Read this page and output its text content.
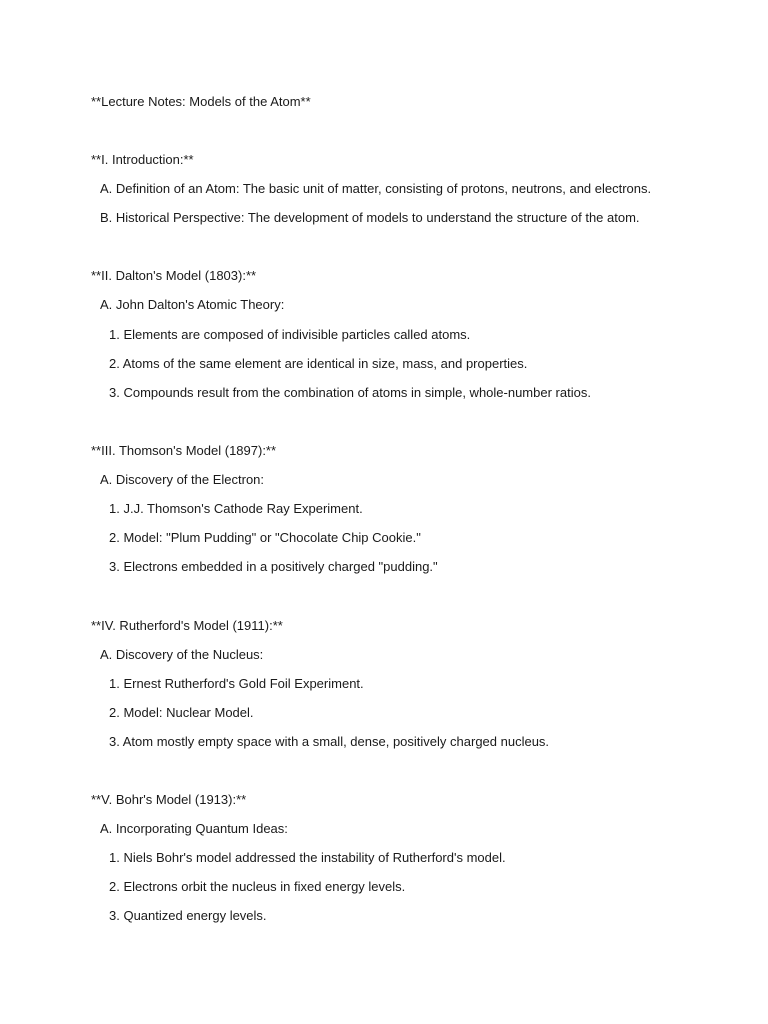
**Lecture Notes: Models of the Atom**
**I. Introduction:**
A. Definition of an Atom: The basic unit of matter, consisting of protons, neutrons, and electrons.
B. Historical Perspective: The development of models to understand the structure of the atom.
**II. Dalton's Model (1803):**
A. John Dalton's Atomic Theory:
1. Elements are composed of indivisible particles called atoms.
2. Atoms of the same element are identical in size, mass, and properties.
3. Compounds result from the combination of atoms in simple, whole-number ratios.
**III. Thomson's Model (1897):**
A. Discovery of the Electron:
1. J.J. Thomson's Cathode Ray Experiment.
2. Model: "Plum Pudding" or "Chocolate Chip Cookie."
3. Electrons embedded in a positively charged "pudding."
**IV. Rutherford's Model (1911):**
A. Discovery of the Nucleus:
1. Ernest Rutherford's Gold Foil Experiment.
2. Model: Nuclear Model.
3. Atom mostly empty space with a small, dense, positively charged nucleus.
**V. Bohr's Model (1913):**
A. Incorporating Quantum Ideas:
1. Niels Bohr's model addressed the instability of Rutherford's model.
2. Electrons orbit the nucleus in fixed energy levels.
3. Quantized energy levels.
